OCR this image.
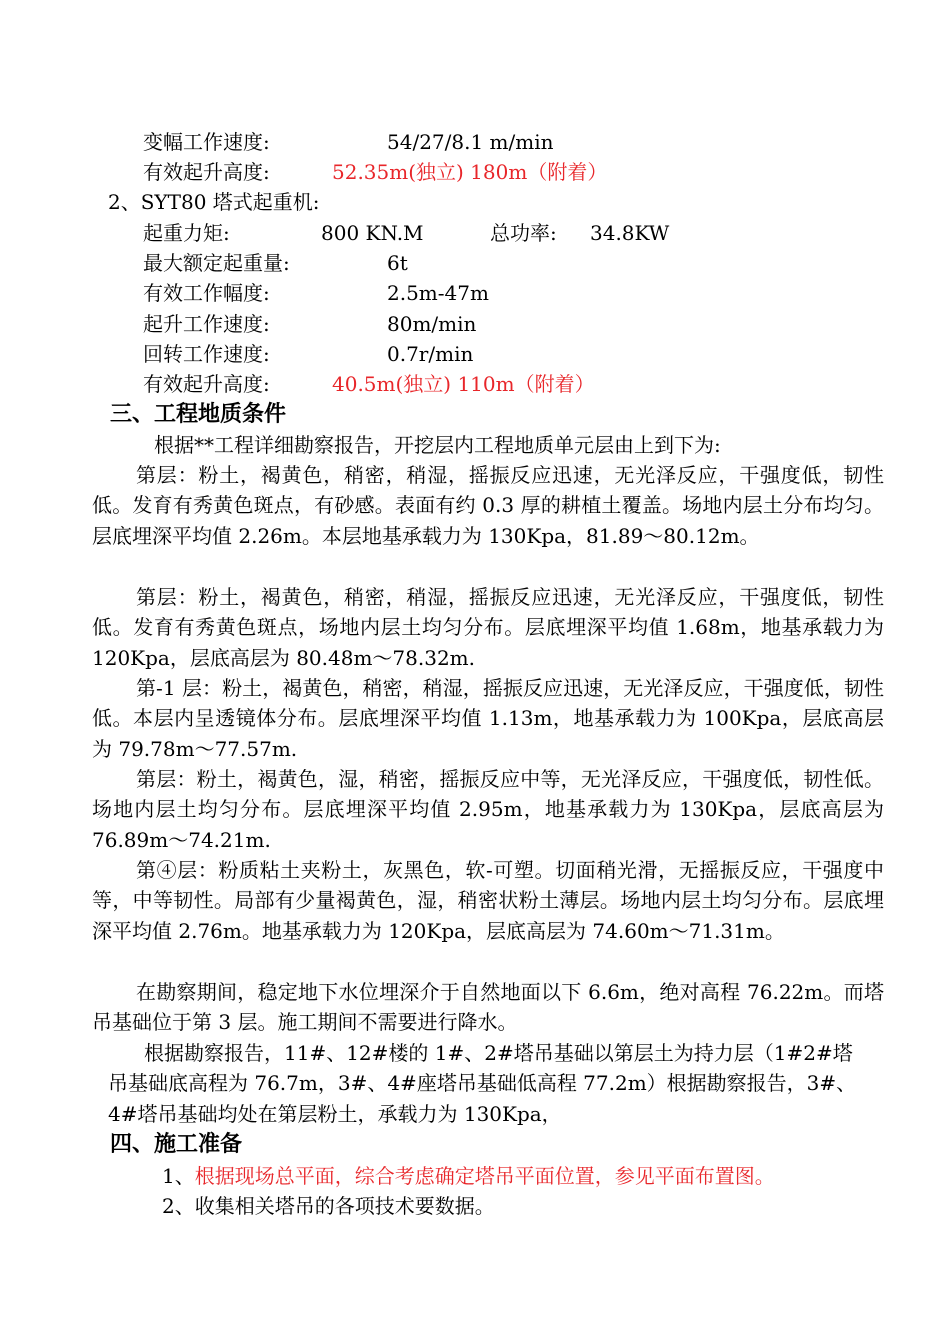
变幅工作速度:	54/27/8.1 m/min
有效起升高度:	52.35m(独立) 180m（附着）
2、SYT80 塔式起重机:
起重力矩:	800 KN.M	总功率: 34.8KW
最大额定起重量:	6t
有效工作幅度:	2.5m-47m
起升工作速度:	80m/min
回转工作速度:	0.7r/min
有效起升高度:	40.5m(独立) 110m（附着）
三、工程地质条件
根据**工程详细勘察报告，开挖层内工程地质单元层由上到下为:
第层：粉土，褐黄色，稍密，稍湿，摇振反应迅速，无光泽反应，干强度低，韧性低。发育有秀黄色斑点，有砂感。表面有约 0.3 厚的耕植土覆盖。场地内层土分布均匀。层底埋深平均值 2.26m。本层地基承载力为 130Kpa，81.89～80.12m。
第层：粉土，褐黄色，稍密，稍湿，摇振反应迅速，无光泽反应，干强度低，韧性低。发育有秀黄色斑点，场地内层土均匀分布。层底埋深平均值 1.68m，地基承载力为 120Kpa，层底高层为 80.48m～78.32m.
第-1 层：粉土，褐黄色，稍密，稍湿，摇振反应迅速，无光泽反应，干强度低，韧性低。本层内呈透镜体分布。层底埋深平均值 1.13m，地基承载力为 100Kpa，层底高层为 79.78m～77.57m.
第层：粉土，褐黄色，湿，稍密，摇振反应中等，无光泽反应，干强度低，韧性低。场地内层土均匀分布。层底埋深平均值 2.95m，地基承载力为 130Kpa，层底高层为 76.89m～74.21m.
第④层：粉质粘土夹粉土，灰黑色，软-可塑。切面稍光滑，无摇振反应，干强度中等，中等韧性。局部有少量褐黄色，湿，稍密状粉土薄层。场地内层土均匀分布。层底埋深平均值 2.76m。地基承载力为 120Kpa，层底高层为 74.60m～71.31m。
在勘察期间，稳定地下水位埋深介于自然地面以下 6.6m，绝对高程 76.22m。而塔吊基础位于第 3 层。施工期间不需要进行降水。
根据勘察报告，11#、12#楼的 1#、2#塔吊基础以第层土为持力层（1#2#塔吊基础底高程为 76.7m，3#、4#座塔吊基础低高程 77.2m）根据勘察报告，3#、4#塔吊基础均处在第层粉土，承载力为 130Kpa，
四、施工准备
1、根据现场总平面，综合考虑确定塔吊平面位置，参见平面布置图。
2、收集相关塔吊的各项技术要数据。
